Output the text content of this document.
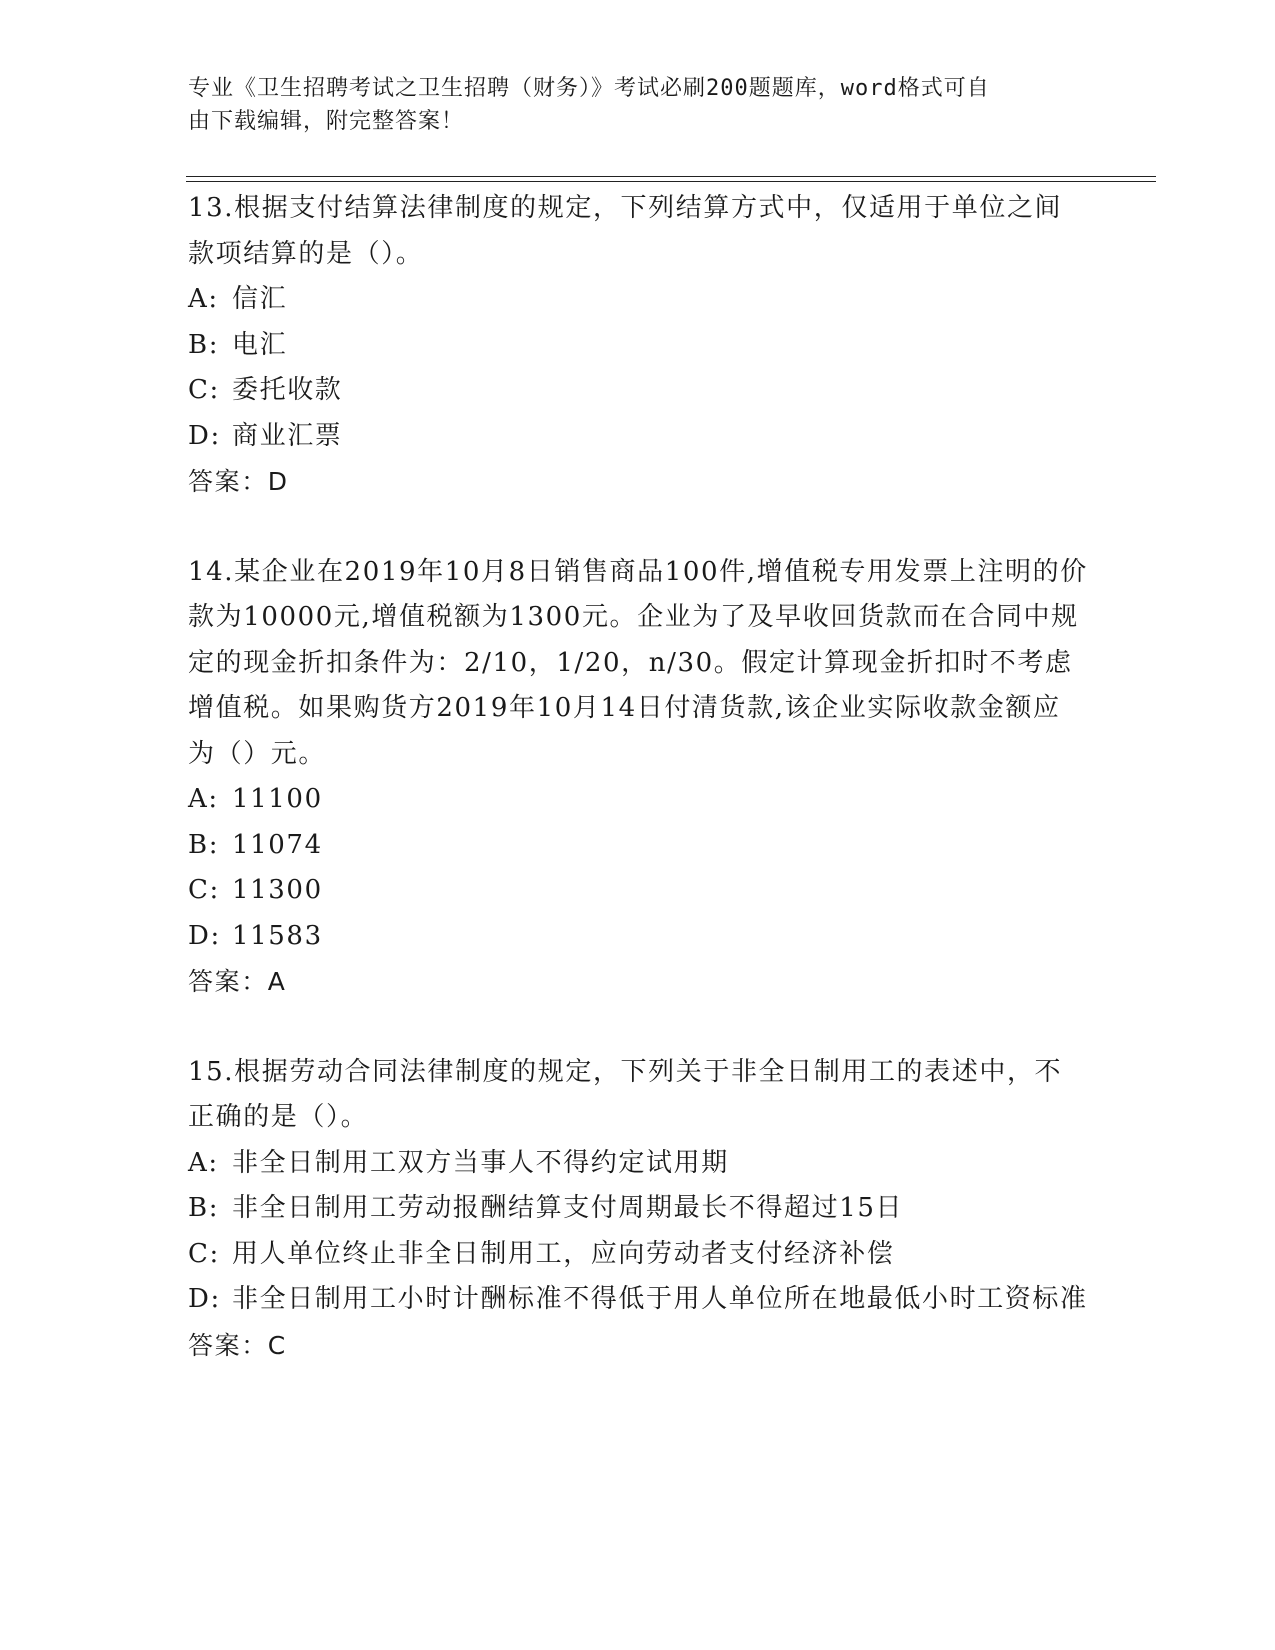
专业《卫生招聘考试之卫生招聘（财务）》考试必刷200题题库，word格式可自
由下载编辑，附完整答案！

13.根据支付结算法律制度的规定，下列结算方式中，仅适用于单位之间款项结算的是（）。

A: 信汇

B: 电汇

C: 委托收款

D: 商业汇票

答案：D

14.某企业在2019年10月8日销售商品100件,增值税专用发票上注明的价款为10000元,增值税额为1300元。企业为了及早收回货款而在合同中规定的现金折扣条件为：2/10，1/20，n/30。假定计算现金折扣时不考虑增值税。如果购货方2019年10月14日付清货款,该企业实际收款金额应为（）元。

A: 11100

B: 11074

C: 11300

D: 11583

答案：A

15.根据劳动合同法律制度的规定，下列关于非全日制用工的表述中，不正确的是（）。

A: 非全日制用工双方当事人不得约定试用期

B: 非全日制用工劳动报酬结算支付周期最长不得超过15日

C: 用人单位终止非全日制用工，应向劳动者支付经济补偿

D: 非全日制用工小时计酬标准不得低于用人单位所在地最低小时工资标准

答案：C
